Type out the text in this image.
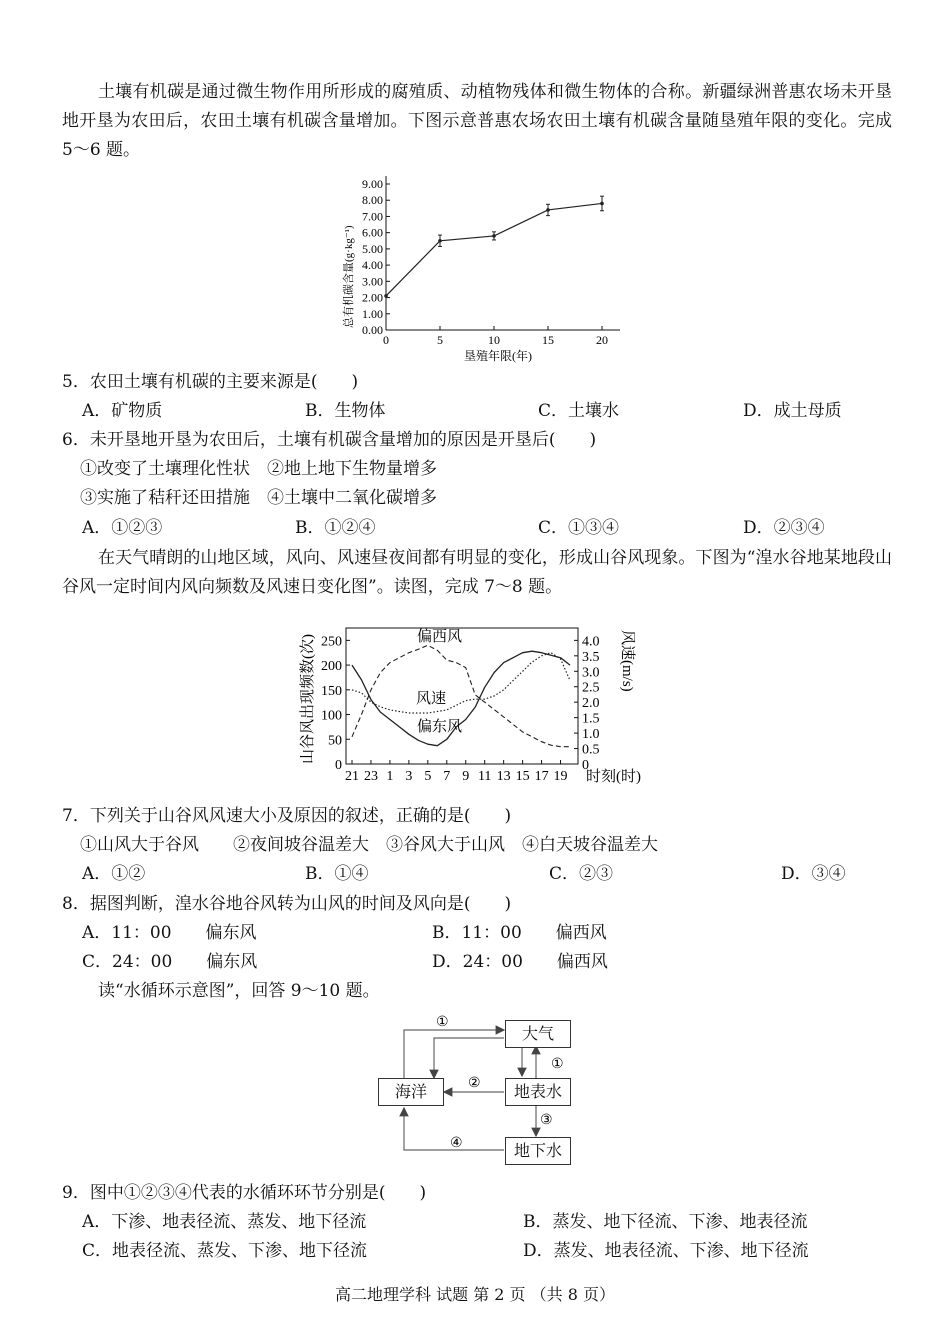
土壤有机碳是通过微生物作用所形成的腐殖质、动植物残体和微生物体的合称。新疆绿洲普惠农场未开垦地开垦为农田后，农田土壤有机碳含量增加。下图示意普惠农场农田土壤有机碳含量随垦殖年限的变化。完成 5～6 题。
0.00
1.00
2.00
3.00
4.00
5.00
6.00
7.00
8.00
9.00
0	5	10	15	20
总有机碳含量(g·kg⁻¹)
垦殖年限(年)
5．农田土壤有机碳的主要来源是(　　)
A．矿物质	B．生物体	C．土壤水	D．成土母质
6．未开垦地开垦为农田后，土壤有机碳含量增加的原因是开垦后(　　)
①改变了土壤理化性状　②地上地下生物量增多
③实施了秸秆还田措施　④土壤中二氧化碳增多
A．①②③	B．①②④	C．①③④	D．②③④
在天气晴朗的山地区域，风向、风速昼夜间都有明显的变化，形成山谷风现象。下图为“湟水谷地某地段山谷风一定时间内风向频数及风速日变化图”。读图，完成 7～8 题。
0
50
100
150
200
250
0
0.5
1.0
1.5
2.0
2.5
3.0
3.5
4.0
21 23 1 3 5 7 9 11 13 15 17 19 时刻(时)
山谷风出现频数(次)	风速(m/s)
偏西风
风速
偏东风
7．下列关于山谷风风速大小及原因的叙述，正确的是(　　)
①山风大于谷风　　②夜间坡谷温差大　③谷风大于山风　④白天坡谷温差大
A．①②	B．①④	C．②③	D．③④
8．据图判断，湟水谷地谷风转为山风的时间及风向是(　　)
A．11：00　　偏东风	B．11：00　　偏西风
C．24：00　　偏东风	D．24：00　　偏西风
读“水循环示意图”，回答 9～10 题。
①
①
②
③
④
大气
海洋	地表水
地下水
9．图中①②③④代表的水循环环节分别是(　　)
A．下渗、地表径流、蒸发、地下径流	B．蒸发、地下径流、下渗、地表径流
C．地表径流、蒸发、下渗、地下径流	D．蒸发、地表径流、下渗、地下径流
高二地理学科 试题 第 2 页 （共 8 页）
